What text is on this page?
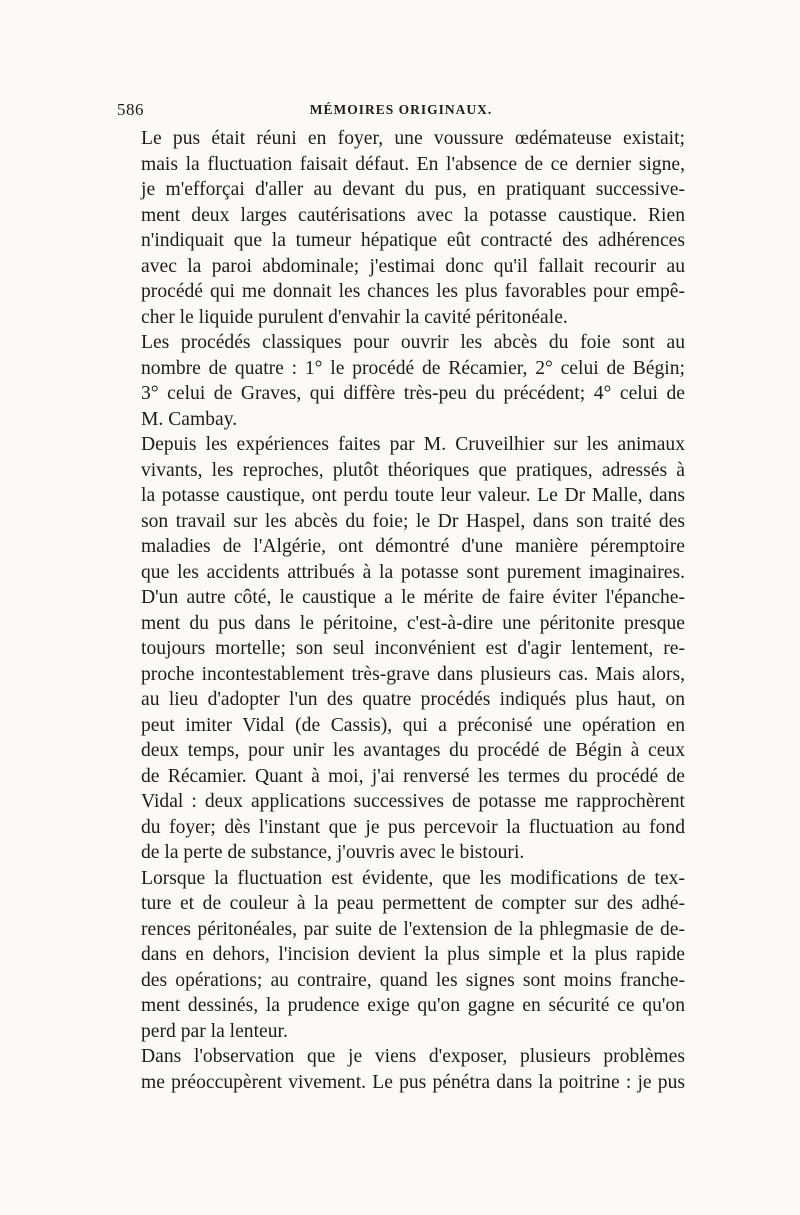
586	MÉMOIRES ORIGINAUX.

Le pus était réuni en foyer, une voussure œdémateuse existait;
mais la fluctuation faisait défaut. En l'absence de ce dernier signe,
je m'efforçai d'aller au devant du pus, en pratiquant successive-
ment deux larges cautérisations avec la potasse caustique. Rien
n'indiquait que la tumeur hépatique eût contracté des adhérences
avec la paroi abdominale; j'estimai donc qu'il fallait recourir au
procédé qui me donnait les chances les plus favorables pour empê-
cher le liquide purulent d'envahir la cavité péritonéale.

Les procédés classiques pour ouvrir les abcès du foie sont au
nombre de quatre : 1° le procédé de Récamier, 2° celui de Bégin;
3° celui de Graves, qui diffère très-peu du précédent; 4° celui de
M. Cambay.

Depuis les expériences faites par M. Cruveilhier sur les animaux
vivants, les reproches, plutôt théoriques que pratiques, adressés à
la potasse caustique, ont perdu toute leur valeur. Le Dr Malle, dans
son travail sur les abcès du foie; le Dr Haspel, dans son traité des
maladies de l'Algérie, ont démontré d'une manière péremptoire
que les accidents attribués à la potasse sont purement imaginaires.
D'un autre côté, le caustique a le mérite de faire éviter l'épanche-
ment du pus dans le péritoine, c'est-à-dire une péritonite presque
toujours mortelle; son seul inconvénient est d'agir lentement, re-
proche incontestablement très-grave dans plusieurs cas. Mais alors,
au lieu d'adopter l'un des quatre procédés indiqués plus haut, on
peut imiter Vidal (de Cassis), qui a préconisé une opération en
deux temps, pour unir les avantages du procédé de Bégin à ceux
de Récamier. Quant à moi, j'ai renversé les termes du procédé de
Vidal : deux applications successives de potasse me rapprochèrent
du foyer; dès l'instant que je pus percevoir la fluctuation au fond
de la perte de substance, j'ouvris avec le bistouri.

Lorsque la fluctuation est évidente, que les modifications de tex-
ture et de couleur à la peau permettent de compter sur des adhé-
rences péritonéales, par suite de l'extension de la phlegmasie de de-
dans en dehors, l'incision devient la plus simple et la plus rapide
des opérations; au contraire, quand les signes sont moins franche-
ment dessinés, la prudence exige qu'on gagne en sécurité ce qu'on
perd par la lenteur.

Dans l'observation que je viens d'exposer, plusieurs problèmes
me préoccupèrent vivement. Le pus pénétra dans la poitrine : je pus
